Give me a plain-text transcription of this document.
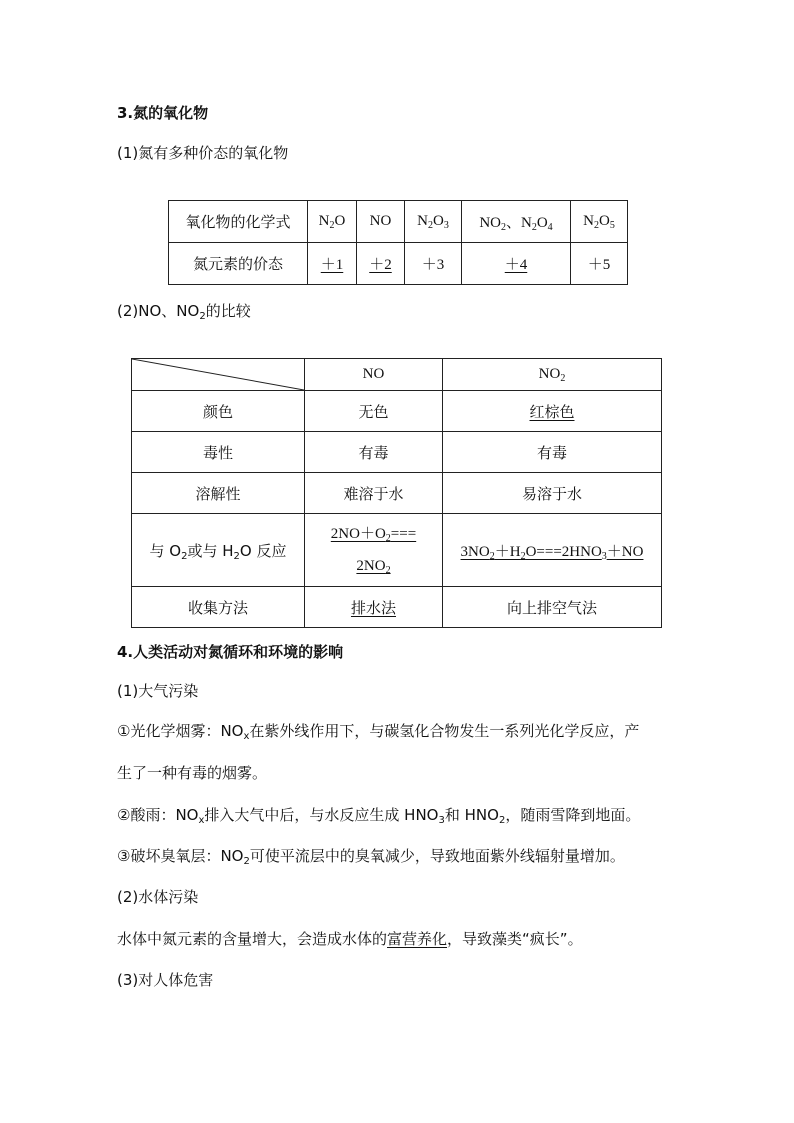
3.氮的氧化物
(1)氮有多种价态的氧化物
氧化物的化学式	$N_2O$	NO	$N_2O_3$	$NO_2$、$N_2O_4$	$N_2O_5$
氮元素的价态	＋1	＋2	＋3	＋4	＋5
(2)NO、$NO_2$的比较
	NO	$NO_2$
颜色	无色	红棕色
毒性	有毒	有毒
溶解性	难溶于水	易溶于水
与 $O_2$或与 $H_2O$ 反应	$\frac{2NO+O_2===}{2NO_2}$	$3NO_2+H_2O===2HNO_3+NO$
收集方法	排水法	向上排空气法
4.人类活动对氮循环和环境的影响
(1)大气污染
①光化学烟雾：$NO_x$在紫外线作用下，与碳氢化合物发生一系列光化学反应，产
生了一种有毒的烟雾。
②酸雨：$NO_x$排入大气中后，与水反应生成 $HNO_3$和 $HNO_2$，随雨雪降到地面。
③破坏臭氧层：$NO_2$可使平流层中的臭氧减少，导致地面紫外线辐射量增加。
(2)水体污染
水体中氮元素的含量增大，会造成水体的富营养化，导致藻类“疯长”。
(3)对人体危害
